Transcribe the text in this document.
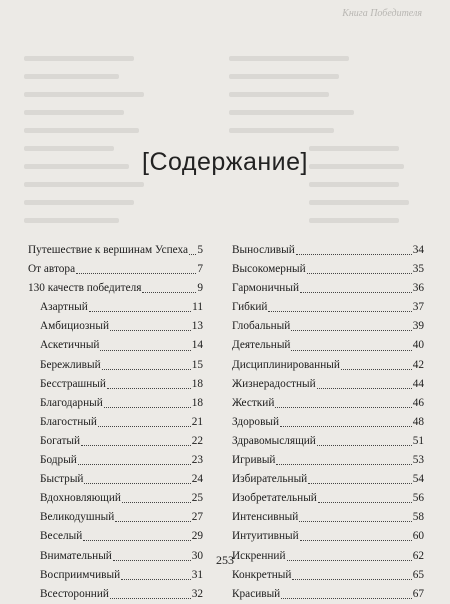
Книга Победителя
[Содержание]
Путешествие к вершинам Успеха 5
От автора	7
130 качеств победителя	9
Азартный	11
Амбициозный	13
Аскетичный	14
Бережливый	15
Бесстрашный	18
Благодарный	18
Благостный	21
Богатый	22
Бодрый	23
Быстрый	24
Вдохновляющий	25
Великодушный	27
Веселый	29
Внимательный	30
Восприимчивый	31
Всесторонний	32
Выносливый	34
Высокомерный	35
Гармоничный	36
Гибкий	37
Глобальный	39
Деятельный	40
Дисциплинированный	42
Жизнерадостный	44
Жесткий	46
Здоровый	48
Здравомыслящий	51
Игривый	53
Избирательный	54
Изобретательный	56
Интенсивный	58
Интуитивный	60
Искренний	62
Конкретный	65
Красивый	67
253
